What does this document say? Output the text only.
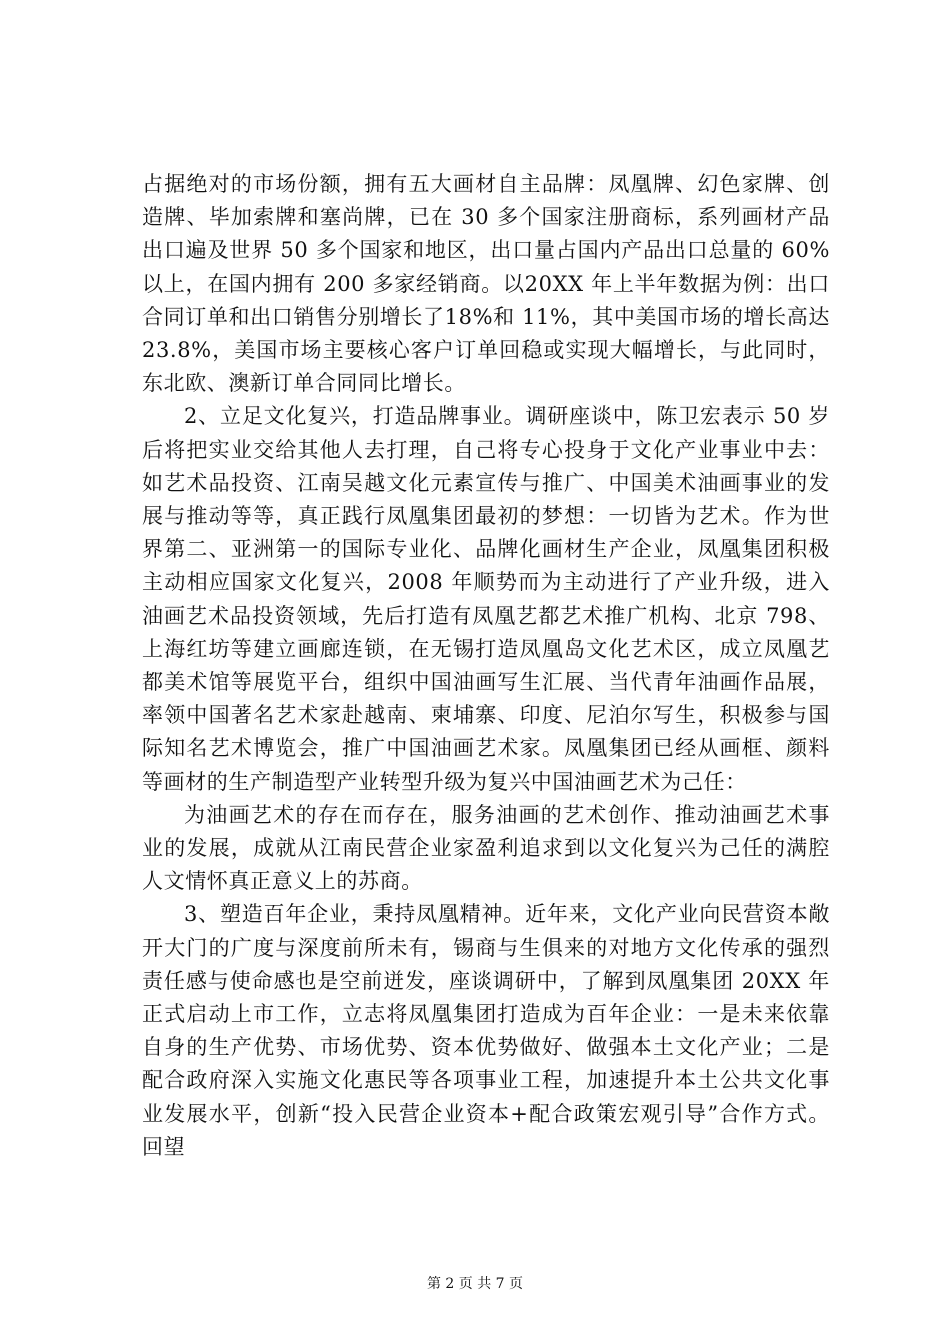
占据绝对的市场份额，拥有五大画材自主品牌：凤凰牌、幻色家牌、创造牌、毕加索牌和塞尚牌，已在 30 多个国家注册商标，系列画材产品出口遍及世界 50 多个国家和地区，出口量占国内产品出口总量的 60%以上，在国内拥有 200 多家经销商。以20XX 年上半年数据为例：出口合同订单和出口销售分别增长了18%和 11%，其中美国市场的增长高达 23.8%，美国市场主要核心客户订单回稳或实现大幅增长，与此同时，东北欧、澳新订单合同同比增长。

2、立足文化复兴，打造品牌事业。调研座谈中，陈卫宏表示 50 岁后将把实业交给其他人去打理，自己将专心投身于文化产业事业中去：如艺术品投资、江南吴越文化元素宣传与推广、中国美术油画事业的发展与推动等等，真正践行凤凰集团最初的梦想：一切皆为艺术。作为世界第二、亚洲第一的国际专业化、品牌化画材生产企业，凤凰集团积极主动相应国家文化复兴，2008 年顺势而为主动进行了产业升级，进入油画艺术品投资领域，先后打造有凤凰艺都艺术推广机构、北京 798、上海红坊等建立画廊连锁，在无锡打造凤凰岛文化艺术区，成立凤凰艺都美术馆等展览平台，组织中国油画写生汇展、当代青年油画作品展，率领中国著名艺术家赴越南、柬埔寨、印度、尼泊尔写生，积极参与国际知名艺术博览会，推广中国油画艺术家。凤凰集团已经从画框、颜料等画材的生产制造型产业转型升级为复兴中国油画艺术为己任：

为油画艺术的存在而存在，服务油画的艺术创作、推动油画艺术事业的发展，成就从江南民营企业家盈利追求到以文化复兴为己任的满腔人文情怀真正意义上的苏商。

3、塑造百年企业，秉持凤凰精神。近年来，文化产业向民营资本敞开大门的广度与深度前所未有，锡商与生俱来的对地方文化传承的强烈责任感与使命感也是空前迸发，座谈调研中，了解到凤凰集团 20XX 年正式启动上市工作，立志将凤凰集团打造成为百年企业：一是未来依靠自身的生产优势、市场优势、资本优势做好、做强本土文化产业；二是配合政府深入实施文化惠民等各项事业工程，加速提升本土公共文化事业发展水平，创新“投入民营企业资本+配合政策宏观引导”合作方式。回望

第 2 页 共 7 页
